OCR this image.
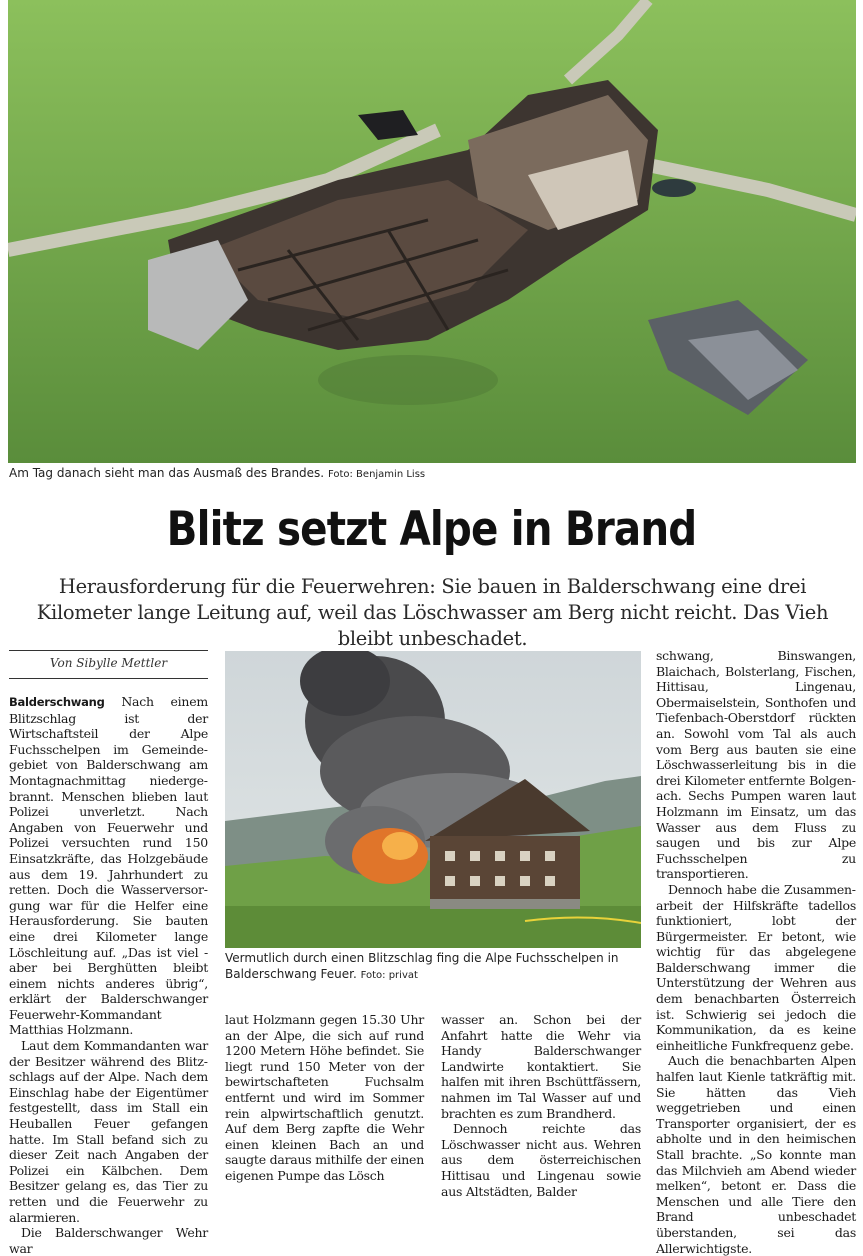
Am Tag danach sieht man das Ausmaß des Brandes. Foto: Benjamin Liss
Blitz setzt Alpe in Brand
Herausforderung für die Feuerwehren: Sie bauen in Balderschwang eine drei Kilometer lange Leitung auf, weil das Löschwasser am Berg nicht reicht. Das Vieh bleibt unbeschadet.
Von Sibylle Mettler

Balderschwang Nach einem Blitzschlag ist der Wirtschaftsteil der Alpe Fuchsschelpen im Gemeindegebiet von Balderschwang am Montagnachmittag niedergebrannt. Menschen blieben laut Polizei unverletzt. Nach Angaben von Feuerwehr und Polizei versuchten rund 150 Einsatzkräfte, das Holzgebäude aus dem 19. Jahrhundert zu retten. Doch die Wasserversorgung war für die Helfer eine Herausforderung. Sie bauten eine drei Kilometer lange Löschleitung auf. „Das ist viel - aber bei Berghütten bleibt einem nichts anderes übrig“, erklärt der Balderschwanger Feuerwehr-Kommandant Matthias Holzmann.

Laut dem Kommandanten war der Besitzer während des Blitzschlags auf der Alpe. Nach dem Einschlag habe der Eigentümer festgestellt, dass im Stall ein Heuballen Feuer gefangen hatte. Im Stall befand sich zu dieser Zeit nach Angaben der Polizei ein Kälbchen. Dem Besitzer gelang es, das Tier zu retten und die Feuerwehr zu alarmieren.

Die Balderschwanger Wehr war

Vermutlich durch einen Blitzschlag fing die Alpe Fuchsschelpen in Balderschwang Feuer. Foto: privat

laut Holzmann gegen 15.30 Uhr an der Alpe, die sich auf rund 1200 Metern Höhe befindet. Sie liegt rund 150 Meter von der bewirtschafteten Fuchsalm entfernt und wird im Sommer rein alpwirtschaftlich genutzt. Auf dem Berg zapfte die Wehr einen kleinen Bach an und saugte daraus mithilfe der einen eigenen Pumpe das Lösch

wasser an. Schon bei der Anfahrt hatte die Wehr via Handy Balderschwanger Landwirte kontaktiert. Sie halfen mit ihren Bschüttfässern, nahmen im Tal Wasser auf und brachten es zum Brandherd.

Dennoch reichte das Löschwasser nicht aus. Wehren aus dem österreichischen Hittisau und Lingenau sowie aus Altstädten, Balder

schwang, Binswangen, Blaichach, Bolsterlang, Fischen, Hittisau, Lingenau, Obermaiselstein, Sonthofen und Tiefenbach-Oberstdorf rückten an. Sowohl vom Tal als auch vom Berg aus bauten sie eine Löschwasserleitung bis in die drei Kilometer entfernte Bolgenach. Sechs Pumpen waren laut Holzmann im Einsatz, um das Wasser aus dem Fluss zu saugen und bis zur Alpe Fuchsschelpen zu transportieren.

Dennoch habe die Zusammenarbeit der Hilfskräfte tadellos funktioniert, lobt der Bürgermeister. Er betont, wie wichtig für das abgelegene Balderschwang immer die Unterstützung der Wehren aus dem benachbarten Österreich ist. Schwierig sei jedoch die Kommunikation, da es keine einheitliche Funkfrequenz gebe.

Auch die benachbarten Alpen halfen laut Kienle tatkräftig mit. Sie hätten das Vieh weggetrieben und einen Transporter organisiert, der es abholte und in den heimischen Stall brachte. „So konnte man das Milchvieh am Abend wieder melken“, betont er. Dass die Menschen und alle Tiere den Brand unbeschadet überstanden, sei das Allerwichtigste.
